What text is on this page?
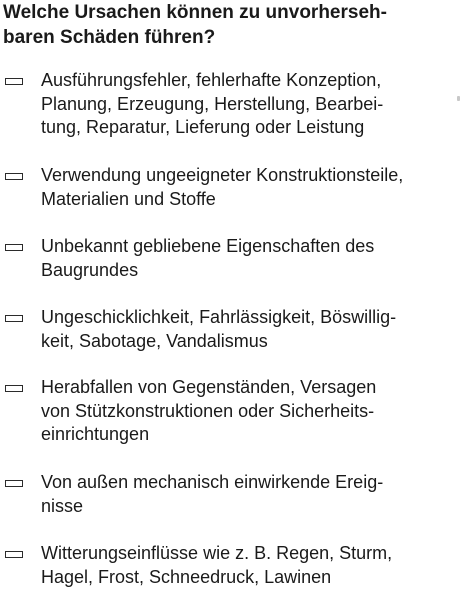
Welche Ursachen können zu unvorherseh-
baren Schäden führen?
Ausführungsfehler, fehlerhafte Konzeption,
Planung, Erzeugung, Herstellung, Bearbei-
tung, Reparatur, Lieferung oder Leistung
Verwendung ungeeigneter Konstruktionsteile,
Materialien und Stoffe
Unbekannt gebliebene Eigenschaften des
Baugrundes
Ungeschicklichkeit, Fahrlässigkeit, Böswillig-
keit, Sabotage, Vandalismus
Herabfallen von Gegenständen, Versagen
von Stützkonstruktionen oder Sicherheits-
einrichtungen
Von außen mechanisch einwirkende Ereig-
nisse
Witterungseinflüsse wie z. B. Regen, Sturm,
Hagel, Frost, Schneedruck, Lawinen
